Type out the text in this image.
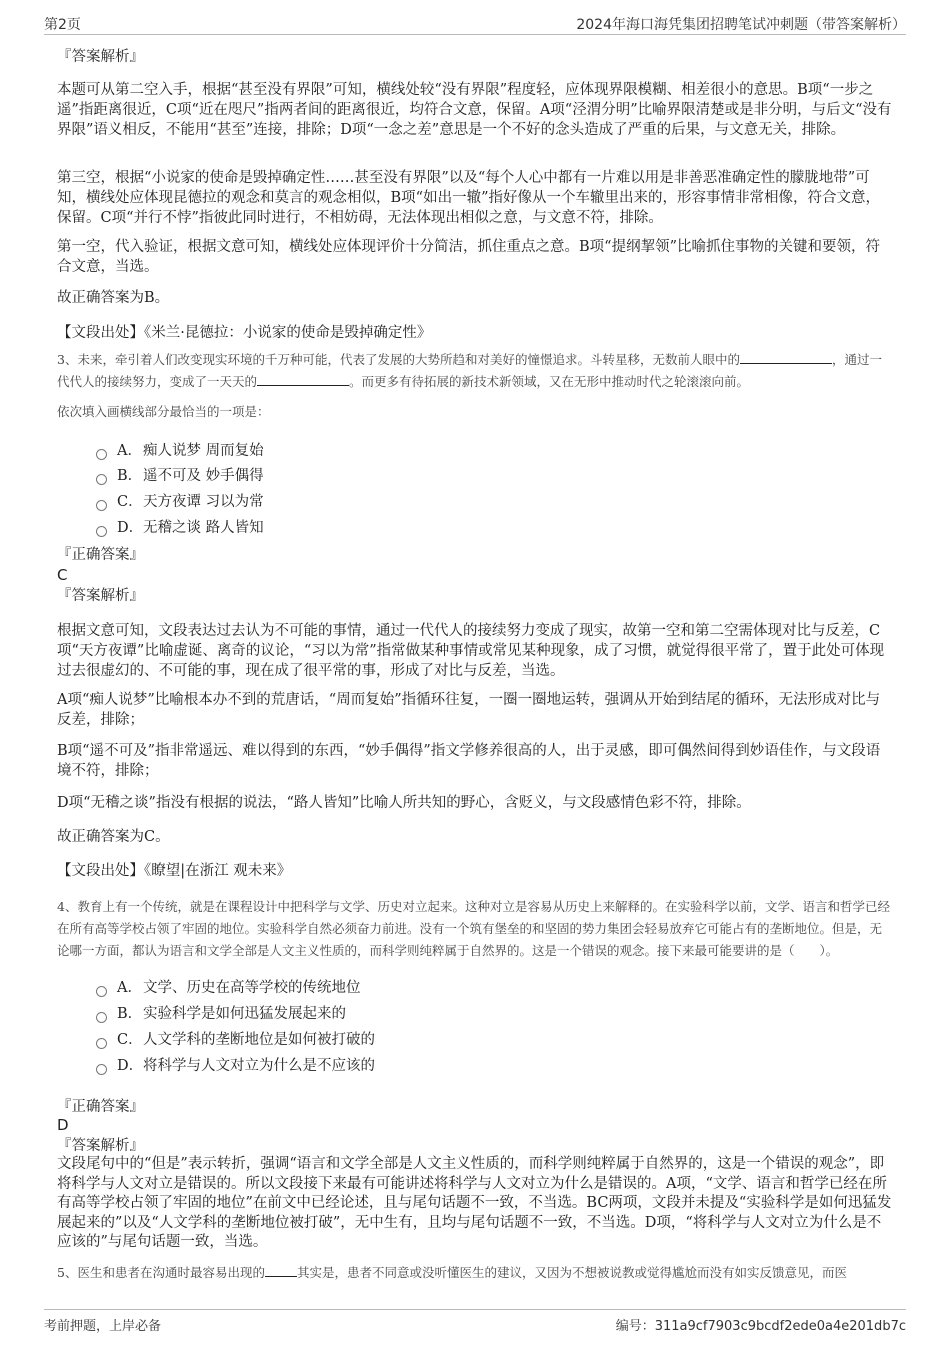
第2页	2024年海口海凭集团招聘笔试冲刺题（带答案解析）
『答案解析』

本题可从第二空入手，根据“甚至没有界限”可知，横线处较“没有界限”程度轻，应体现界限模糊、相差很小的意思。B项“一步之遥”指距离很近，C项“近在咫尺”指两者间的距离很近，均符合文意，保留。A项“泾渭分明”比喻界限清楚或是非分明，与后文“没有界限”语义相反，不能用“甚至”连接，排除；D项“一念之差”意思是一个不好的念头造成了严重的后果，与文意无关，排除。

第三空，根据“小说家的使命是毁掉确定性……甚至没有界限”以及“每个人心中都有一片难以用是非善恶准确定性的朦胧地带”可知，横线处应体现昆德拉的观念和莫言的观念相似，B项“如出一辙”指好像从一个车辙里出来的，形容事情非常相像，符合文意，保留。C项“并行不悖”指彼此同时进行，不相妨碍，无法体现出相似之意，与文意不符，排除。

第一空，代入验证，根据文意可知，横线处应体现评价十分简洁，抓住重点之意。B项“提纲挈领”比喻抓住事物的关键和要领，符合文意，当选。

故正确答案为B。
【文段出处】《米兰·昆德拉：小说家的使命是毁掉确定性》

3、未来，牵引着人们改变现实环境的千万种可能，代表了发展的大势所趋和对美好的憧憬追求。斗转星移，无数前人眼中的	，通过一代代人的接续努力，变成了一天天的	。而更多有待拓展的新技术新领域，又在无形中推动时代之轮滚滚向前。

依次填入画横线部分最恰当的一项是：
A．痴人说梦 周而复始
B．遥不可及 妙手偶得
C．天方夜谭 习以为常
D．无稽之谈 路人皆知
『正确答案』
C
『答案解析』

根据文意可知，文段表达过去认为不可能的事情，通过一代代人的接续努力变成了现实，故第一空和第二空需体现对比与反差，C项“天方夜谭”比喻虚诞、离奇的议论，“习以为常”指常做某种事情或常见某种现象，成了习惯，就觉得很平常了，置于此处可体现过去很虚幻的、不可能的事，现在成了很平常的事，形成了对比与反差，当选。

A项“痴人说梦”比喻根本办不到的荒唐话，“周而复始”指循环往复，一圈一圈地运转，强调从开始到结尾的循环，无法形成对比与反差，排除；

B项“遥不可及”指非常遥远、难以得到的东西，“妙手偶得”指文学修养很高的人，出于灵感，即可偶然间得到妙语佳作，与文段语境不符，排除；

D项“无稽之谈”指没有根据的说法，“路人皆知”比喻人所共知的野心，含贬义，与文段感情色彩不符，排除。

故正确答案为C。
【文段出处】《瞭望|在浙江 观未来》

4、教育上有一个传统，就是在课程设计中把科学与文学、历史对立起来。这种对立是容易从历史上来解释的。在实验科学以前，文学、语言和哲学已经在所有高等学校占领了牢固的地位。实验科学自然必须奋力前进。没有一个筑有堡垒的和坚固的势力集团会轻易放弃它可能占有的垄断地位。但是，无论哪一方面，都认为语言和文学全部是人文主义性质的，而科学则纯粹属于自然界的。这是一个错误的观念。接下来最可能要讲的是（　　）。

A．文学、历史在高等学校的传统地位
B．实验科学是如何迅猛发展起来的
C．人文学科的垄断地位是如何被打破的
D．将科学与人文对立为什么是不应该的
『正确答案』
D
『答案解析』

文段尾句中的“但是”表示转折，强调“语言和文学全部是人文主义性质的，而科学则纯粹属于自然界的，这是一个错误的观念”，即将科学与人文对立是错误的。所以文段接下来最有可能讲述将科学与人文对立为什么是错误的。A项，“文学、语言和哲学已经在所有高等学校占领了牢固的地位”在前文中已经论述，且与尾句话题不一致，不当选。BC两项，文段并未提及“实验科学是如何迅猛发展起来的”以及“人文学科的垄断地位被打破”，无中生有，且均与尾句话题不一致，不当选。D项，“将科学与人文对立为什么是不应该的”与尾句话题一致，当选。

5、医生和患者在沟通时最容易出现的	其实是，患者不同意或没听懂医生的建议，又因为不想被说教或觉得尴尬而没有如实反馈意见，而医

考前押题，上岸必备	编号：311a9cf7903c9bcdf2ede0a4e201db7c
